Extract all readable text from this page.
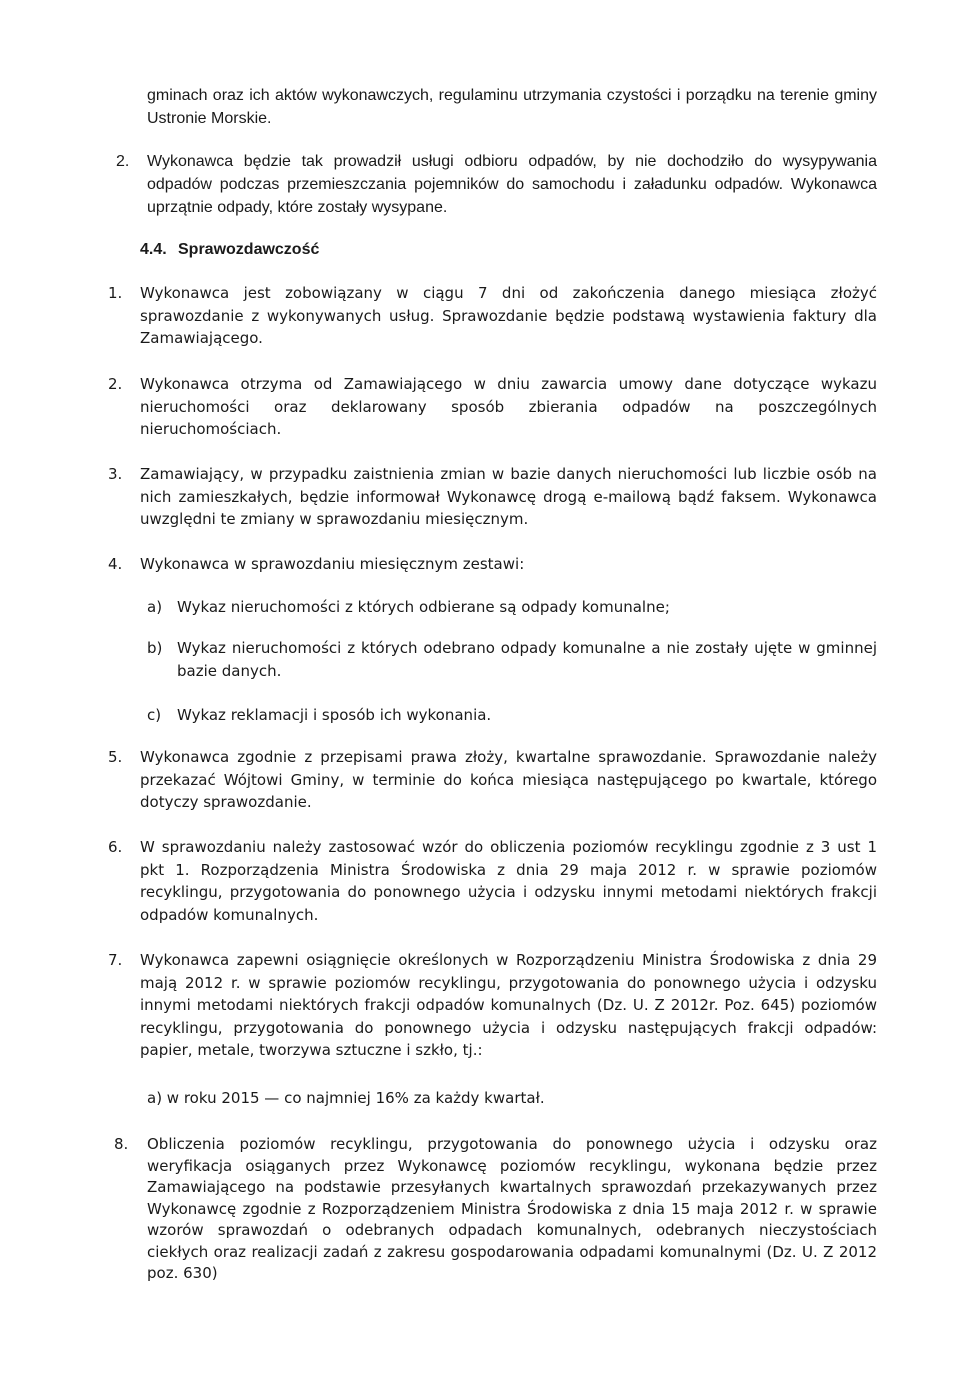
gminach oraz ich aktów wykonawczych, regulaminu utrzymania czystości i porządku na terenie gminy Ustronie Morskie.
2. Wykonawca będzie tak prowadził usługi odbioru odpadów, by nie dochodziło do wysypywania odpadów podczas przemieszczania pojemników do samochodu i załadunku odpadów. Wykonawca uprzątnie odpady, które zostały wysypane.
4.4. Sprawozdawczość
1. Wykonawca jest zobowiązany w ciągu 7 dni od zakończenia danego miesiąca złożyć sprawozdanie z wykonywanych usług. Sprawozdanie będzie podstawą wystawienia faktury dla Zamawiającego.
2. Wykonawca otrzyma od Zamawiającego w dniu zawarcia umowy dane dotyczące wykazu nieruchomości oraz deklarowany sposób zbierania odpadów na poszczególnych nieruchomościach.
3. Zamawiający, w przypadku zaistnienia zmian w bazie danych nieruchomości lub liczbie osób na nich zamieszkałych, będzie informował Wykonawcę drogą e-mailową bądź faksem. Wykonawca uwzględni te zmiany w sprawozdaniu miesięcznym.
4. Wykonawca w sprawozdaniu miesięcznym zestawi:
a) Wykaz nieruchomości z których odbierane są odpady komunalne;
b) Wykaz nieruchomości z których odebrano odpady komunalne a nie zostały ujęte w gminnej bazie danych.
c) Wykaz reklamacji i sposób ich wykonania.
5. Wykonawca zgodnie z przepisami prawa złoży, kwartalne sprawozdanie. Sprawozdanie należy przekazać Wójtowi Gminy, w terminie do końca miesiąca następującego po kwartale, którego dotyczy sprawozdanie.
6. W sprawozdaniu należy zastosować wzór do obliczenia poziomów recyklingu zgodnie z 3 ust 1 pkt 1. Rozporządzenia Ministra Środowiska z dnia 29 maja 2012 r. w sprawie poziomów recyklingu, przygotowania do ponownego użycia i odzysku innymi metodami niektórych frakcji odpadów komunalnych.
7. Wykonawca zapewni osiągnięcie określonych w Rozporządzeniu Ministra Środowiska z dnia 29 mają 2012 r. w sprawie poziomów recyklingu, przygotowania do ponownego użycia i odzysku innymi metodami niektórych frakcji odpadów komunalnych (Dz. U. Z 2012r. Poz. 645) poziomów recyklingu, przygotowania do ponownego użycia i odzysku następujących frakcji odpadów: papier, metale, tworzywa sztuczne i szkło, tj.:
a) w roku 2015 — co najmniej 16% za każdy kwartał.
8. Obliczenia poziomów recyklingu, przygotowania do ponownego użycia i odzysku oraz weryfikacja osiąganych przez Wykonawcę poziomów recyklingu, wykonana będzie przez Zamawiającego na podstawie przesyłanych kwartalnych sprawozdań przekazywanych przez Wykonawcę zgodnie z Rozporządzeniem Ministra Środowiska z dnia 15 maja 2012 r. w sprawie wzorów sprawozdań o odebranych odpadach komunalnych, odebranych nieczystościach ciekłych oraz realizacji zadań z zakresu gospodarowania odpadami komunalnymi (Dz. U. Z 2012 poz. 630)
